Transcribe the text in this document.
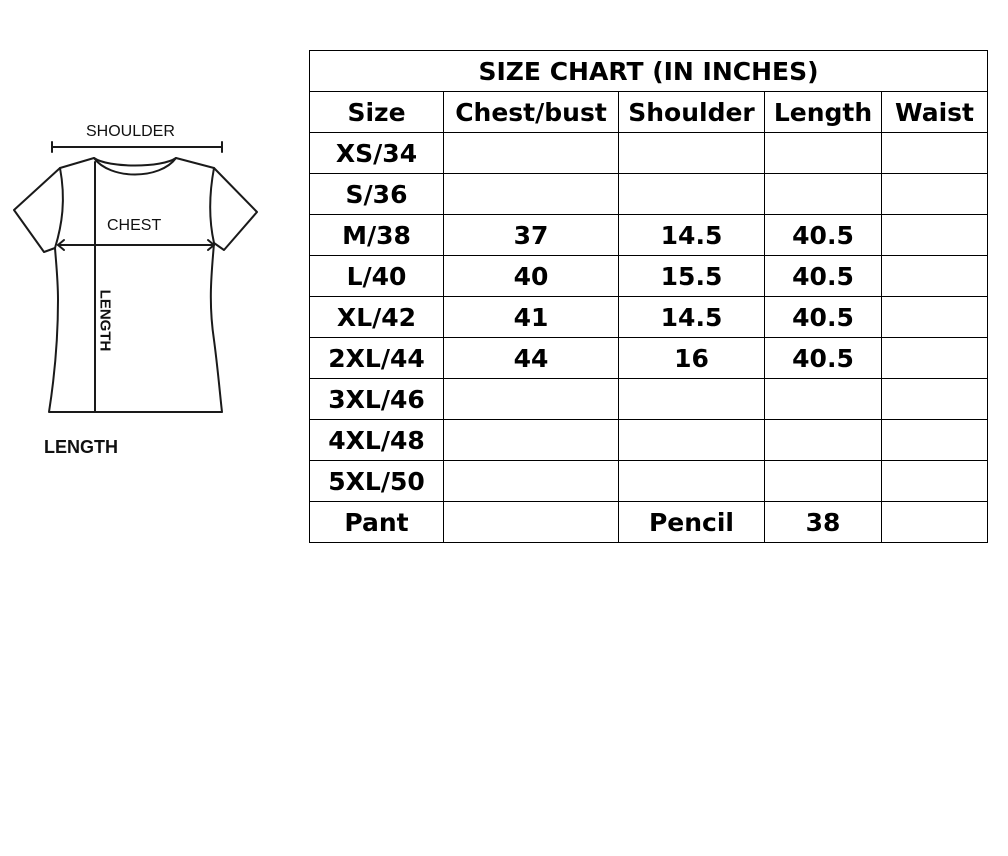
SHOULDER
CHEST
LENGTH
LENGTH
SIZE CHART (IN INCHES)				
Size	Chest/bust	Shoulder	Length	Waist
XS/34				
S/36				
M/38	37	14.5	40.5	
L/40	40	15.5	40.5	
XL/42	41	14.5	40.5	
2XL/44	44	16	40.5	
3XL/46				
4XL/48				
5XL/50				
Pant		Pencil	38	
